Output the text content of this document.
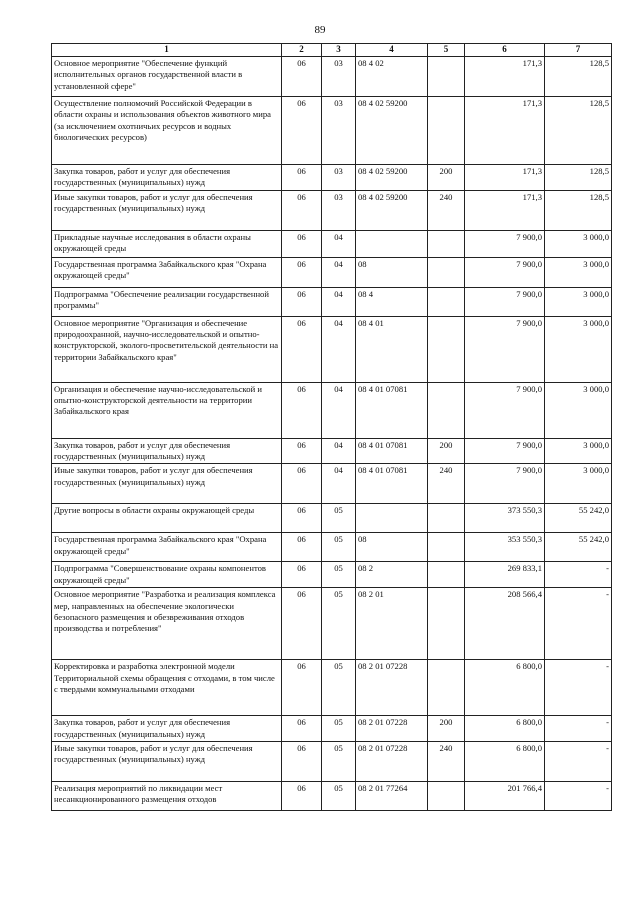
89
1	2	3	4	5	6	7
Основное мероприятие "Обеспечение функций исполнительных органов государственной власти в установленной сфере"	06	03	08 4 02		171,3	128,5
Осуществление полномочий Российской Федерации в области охраны и использования объектов животного мира (за исключением охотничьих ресурсов и водных биологических ресурсов)	06	03	08 4 02 59200		171,3	128,5
Закупка товаров, работ и услуг для обеспечения государственных (муниципальных) нужд	06	03	08 4 02 59200	200	171,3	128,5
Иные закупки товаров, работ и услуг для обеспечения государственных (муниципальных) нужд	06	03	08 4 02 59200	240	171,3	128,5
Прикладные научные исследования в области охраны окружающей среды	06	04			7 900,0	3 000,0
Государственная программа Забайкальского края "Охрана окружающей среды"	06	04	08		7 900,0	3 000,0
Подпрограмма "Обеспечение реализации государственной программы"	06	04	08 4		7 900,0	3 000,0
Основное мероприятие "Организация и обеспечение природоохранной, научно-исследовательской и опытно- конструкторской, эколого-просветительской деятельности на территории Забайкальского края"	06	04	08 4 01		7 900,0	3 000,0
Организация и обеспечение научно-исследовательской и опытно-конструкторской деятельности на территории Забайкальского края	06	04	08 4 01 07081		7 900,0	3 000,0
Закупка товаров, работ и услуг для обеспечения государственных (муниципальных) нужд	06	04	08 4 01 07081	200	7 900,0	3 000,0
Иные закупки товаров, работ и услуг для обеспечения государственных (муниципальных) нужд	06	04	08 4 01 07081	240	7 900,0	3 000,0
Другие вопросы в области охраны окружающей среды	06	05			373 550,3	55 242,0
Государственная программа Забайкальского края "Охрана окружающей среды"	06	05	08		353 550,3	55 242,0
Подпрограмма "Совершенствование охраны компонентов окружающей среды"	06	05	08 2		269 833,1	-
Основное мероприятие "Разработка и реализация комплекса мер, направленных на обеспечение экологически безопасного размещения и обезвреживания отходов производства и потребления"	06	05	08 2 01		208 566,4	-
Корректировка и разработка электронной модели Территориальной схемы обращения с отходами, в том числе с твердыми коммунальными отходами	06	05	08 2 01 07228		6 800,0	-
Закупка товаров, работ и услуг для обеспечения государственных (муниципальных) нужд	06	05	08 2 01 07228	200	6 800,0	-
Иные закупки товаров, работ и услуг для обеспечения государственных (муниципальных) нужд	06	05	08 2 01 07228	240	6 800,0	-
Реализация мероприятий по ликвидации мест несанкционированного размещения отходов	06	05	08 2 01 77264		201 766,4	-
